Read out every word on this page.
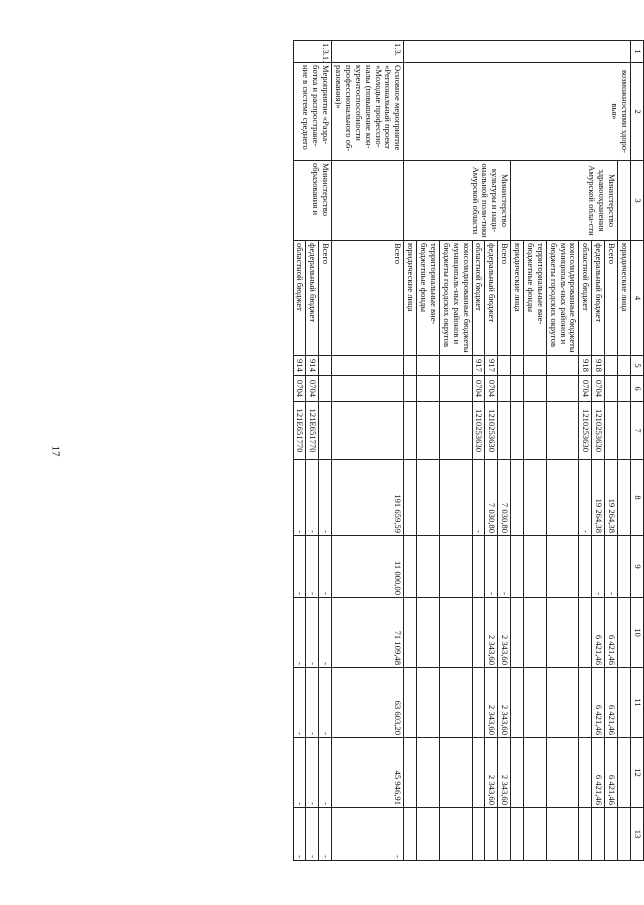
17
1	2	3	4	5	6	7	8	9	10	11	12	13
	возможностями здоро-вья»		юридические лица									
		Министерство здравоохранения Амурской обла-сти	Всего				19 264,38	-	6 421,46	6 421,46	6 421,46	
			федеральный бюджет	918	0704	1210253630	19 264,38	-	6 421,46	6 421,46	6 421,46	
			областной бюджет	918	0704	1210253630	-					
			консолидированные бюджеты муниципаль-ных районов и бюджеты городских округов									
			территориальные вне-бюджетные фонды									
			юридические лица									
		Министерство культуры и наци-ональной поли-тики Амурской области	Всего				7 030,80	-	2 343,60	2 343,60	2 343,60	
			федеральный бюджет	917	0704	1210253630	7 030,80	-	2 343,60	2 343,60	2 343,60	
			областной бюджет	917	0704	1210253630	-					
			консолидированные бюджеты муниципаль-ных районов и бюджеты городских округов									
			территориальные вне-бюджетные фонды									
			юридические лица									
1.3.	Основное мероприятие «Региональный проект «Молодые профессио-налы (повышение кон-курентоспособности профессионального об-разования)»		Всего				191 659,59	11 000,00	71 109,48	63 603,20	45 946,91	-
1.3.1.	Мероприятие «Разра-ботка и распростране-ние в системе среднего	Министерство образования и	Всего				-	-	-	-	-	-
			федеральный бюджет	914	0704	121E651770	-	-	-	-	-	-
			областной бюджет	914	0704	121E651770	-	-	-	-	-	-
